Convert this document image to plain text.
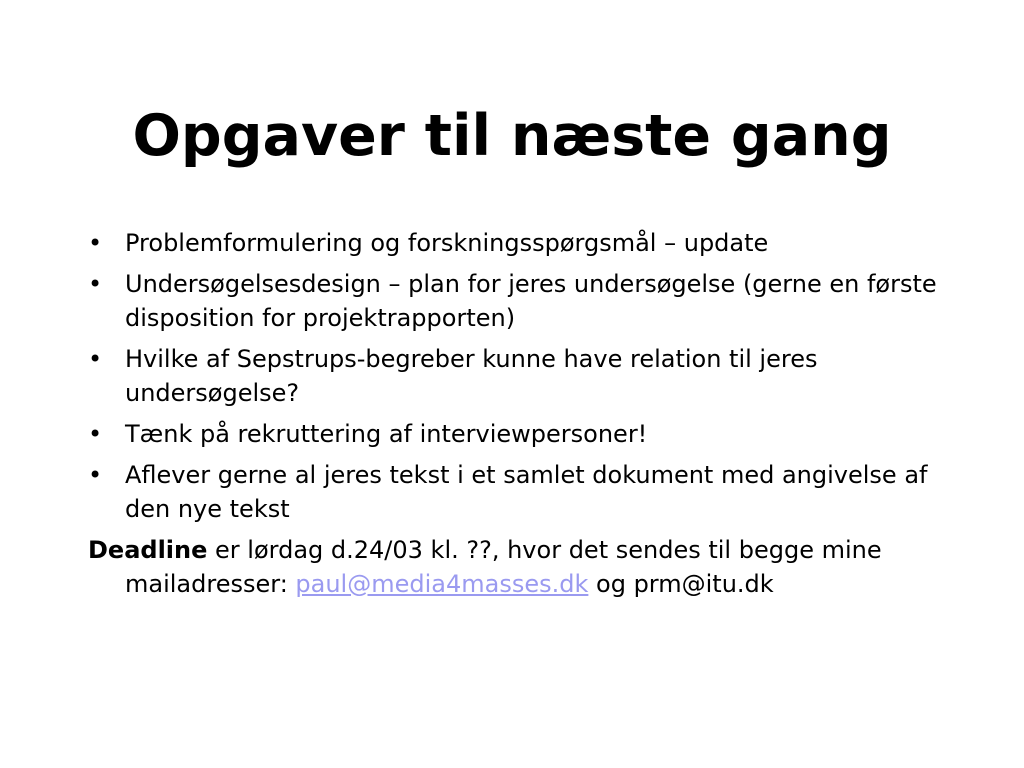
Opgaver til næste gang
• Problemformulering og forskningsspørgsmål – update
• Undersøgelsesdesign – plan for jeres undersøgelse (gerne en første disposition for projektrapporten)
• Hvilke af Sepstrups-begreber kunne have relation til jeres undersøgelse?
• Tænk på rekruttering af interviewpersoner!
• Aflever gerne al jeres tekst i et samlet dokument med angivelse af den nye tekst

Deadline er lørdag d.24/03 kl. ??, hvor det sendes til begge mine mailadresser: paul@media4masses.dk og prm@itu.dk
